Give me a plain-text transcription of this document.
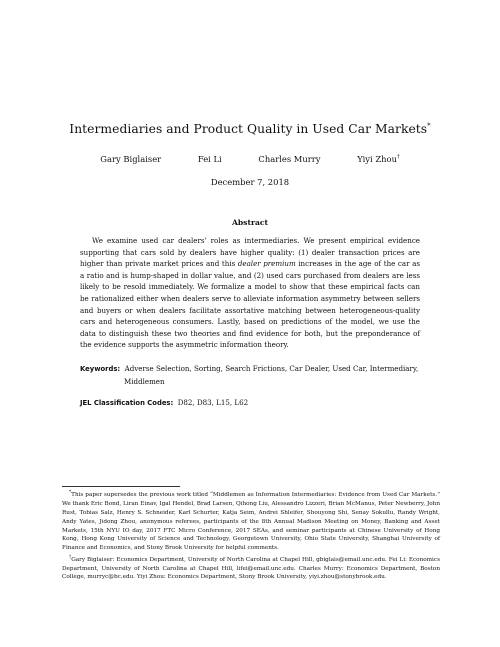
Intermediaries and Product Quality in Used Car Markets*
Gary Biglaiser	Fei Li	Charles Murry	Yiyi Zhou†
December 7, 2018
Abstract

We examine used car dealers' roles as intermediaries. We present empirical evidence supporting that cars sold by dealers have higher quality: (1) dealer transaction prices are higher than private market prices and this dealer premium increases in the age of the car as a ratio and is hump-shaped in dollar value, and (2) used cars purchased from dealers are less likely to be resold immediately. We formalize a model to show that these empirical facts can be rationalized either when dealers serve to alleviate information asymmetry between sellers and buyers or when dealers facilitate assortative matching between heterogeneous-quality cars and heterogeneous consumers. Lastly, based on predictions of the model, we use the data to distinguish these two theories and find evidence for both, but the preponderance of the evidence supports the asymmetric information theory.

Keywords: Adverse Selection, Sorting, Search Frictions, Car Dealer, Used Car, Intermediary, Middlemen
JEL Classification Codes: D82, D83, L15, L62

*This paper supersedes the previous work titled “Middlemen as Information Intermediaries: Evidence from Used Car Markets.” We thank Eric Bond, Liran Einav, Igal Hendel, Brad Larsen, Qihong Liu, Alessandro Lizzeri, Brian McManus, Peter Newberry, John Rust, Tobias Salz, Henry S. Schneider, Karl Schurter, Katja Seim, Andrei Shleifer, Shouyong Shi, Senay Sokullu, Randy Wright, Andy Yates, Jidong Zhou, anonymous referees, participants of the 8th Annual Madison Meeting on Money, Banking and Asset Markets, 15th NYU IO day, 2017 FTC Micro Conference, 2017 SEAs, and seminar participants at Chinese University of Hong Kong, Hong Kong University of Science and Technology, Georgetown University, Ohio State University, Shanghai University of Finance and Economics, and Stony Brook University for helpful comments.

†Gary Biglaiser: Economics Department, University of North Carolina at Chapel Hill, gbiglais@email.unc.edu. Fei Li: Economics Department, University of North Carolina at Chapel Hill, lifei@email.unc.edu. Charles Murry: Economics Department, Boston College, murryc@bc.edu. Yiyi Zhou: Economics Department, Stony Brook University, yiyi.zhou@stonybrook.edu.
